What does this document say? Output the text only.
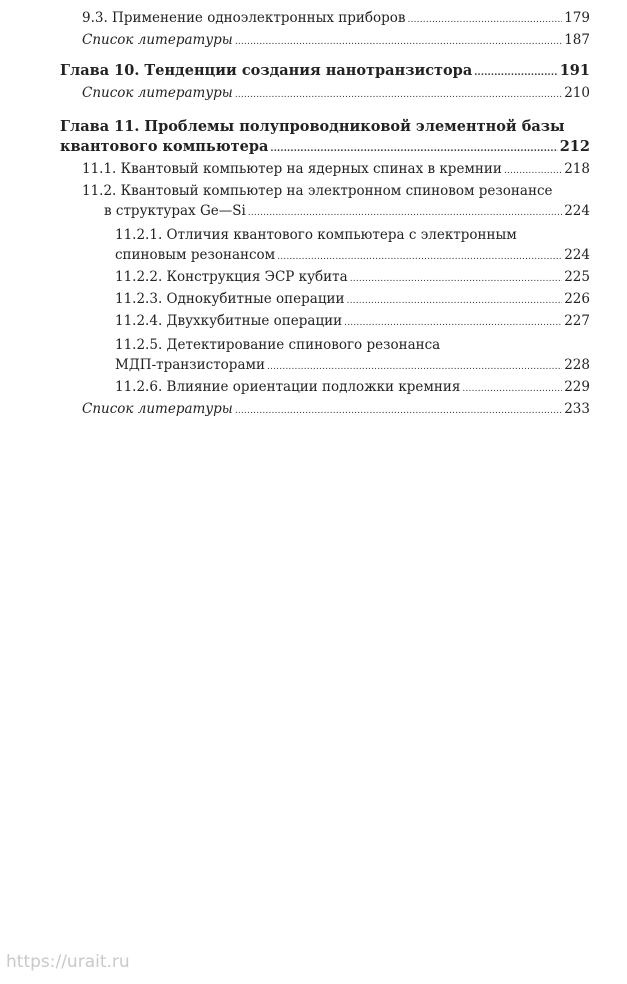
9.3. Применение одноэлектронных приборов .....	179
Список литературы .....	187
Глава 10. Тенденции создания нанотранзистора .....	191
Список литературы .....	210
Глава 11. Проблемы полупроводниковой элементной базы
квантового компьютера .....	212
11.1. Квантовый компьютер на ядерных спинах в кремнии .....	218
11.2. Квантовый компьютер на электронном спиновом резонансе
в структурах Ge—Si .....	224
11.2.1. Отличия квантового компьютера с электронным
спиновым резонансом .....	224
11.2.2. Конструкция ЭСР кубита .....	225
11.2.3. Однокубитные операции .....	226
11.2.4. Двухкубитные операции .....	227
11.2.5. Детектирование спинового резонанса
МДП-транзисторами .....	228
11.2.6. Влияние ориентации подложки кремния .....	229
Список литературы .....	233
https://urait.ru
